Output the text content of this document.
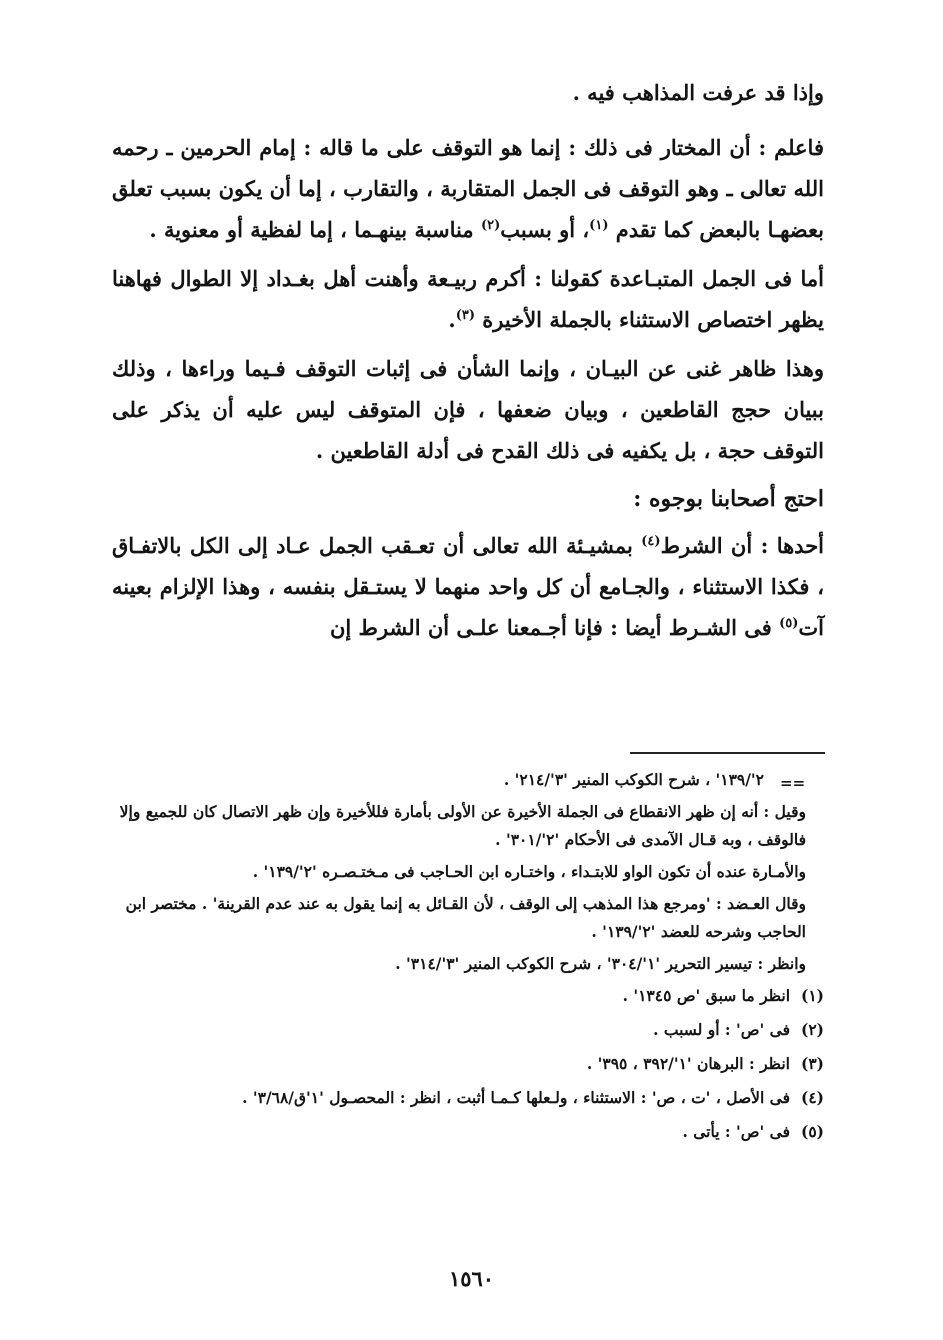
وإذا قد عرفت المذاهب فيه .

فاعلم : أن المختار فى ذلك : إنما هو التوقف على ما قاله : إمام الحرمين ـ رحمه الله تعالى ـ وهو التوقف فى الجمل المتقاربة ، والتقارب ، إما أن يكون بسبب تعلق بعضهـا بالبعض كما تقدم $^{(١)}$، أو بسبب$^{(٢)}$ مناسبة بينهـما ، إما لفظية أو معنوية .

أما فى الجمل المتبـاعدة كقولنا : أكرم ربيـعة وأهنت أهل بغـداد إلا الطوال فهاهنا يظهر اختصاص الاستثناء بالجملة الأخيرة $^{(٣)}$.

وهذا ظاهر غنى عن البيـان ، وإنما الشأن فى إثبات التوقف فـيما وراءها ، وذلك ببيان حجج القاطعين ، وبيان ضعفها ، فإن المتوقف ليس عليه أن يذكر على التوقف حجة ، بل يكفيه فى ذلك القدح فى أدلة القاطعين .

احتج أصحابنا بوجوه :

أحدها : أن الشرط$^{(٤)}$ بمشيـئة الله تعالى أن تعـقب الجمل عـاد إلى الكل بالاتفـاق ، فكذا الاستثناء ، والجـامع أن كل واحد منهما لا يستـقل بنفسه ، وهذا الإلزام بعينه آت$^{(٥)}$ فى الشـرط أيضا : فإنا أجـمعنا علـى أن الشرط إن

==

٢'/١٣٩' ، شرح الكوكب المنير '٣'/٢١٤' .

وقيل : أنه إن ظهر الانقطاع فى الجملة الأخيرة عن الأولى بأمارة فللأخيرة وإن ظهر الاتصال كان للجميع وإلا فالوقف ، وبه قـال الآمدى فى الأحكام '٢'/٣٠١' .

والأمـارة عنده أن تكون الواو للابتـداء ، واختـاره ابن الحـاجب فى مـختـصـره '٢'/١٣٩' .

وقال العـضد : 'ومرجع هذا المذهب إلى الوقف ، لأن القـائل به إنما يقول به عند عدم القرينة' . مختصر ابن الحاجب وشرحه للعضد '٢'/١٣٩' .

وانظر : تيسير التحرير '١'/٣٠٤' ، شرح الكوكب المنير '٣'/٣١٤' .

(١)
انظر ما سبق 'ص ١٣٤٥' .
(٢)
فى 'ص' : أو لسبب .
(٣)
انظر : البرهان '١'/٣٩٢ ، ٣٩٥' .
(٤)
فى الأصل ، 'ت ، ص' : الاستثناء ، ولـعلها كـمـا أثبت ، انظر : المحصـول '١'ق/٣/٦٨' .
(٥)
فى 'ص' : يأتى .
١٥٦٠
